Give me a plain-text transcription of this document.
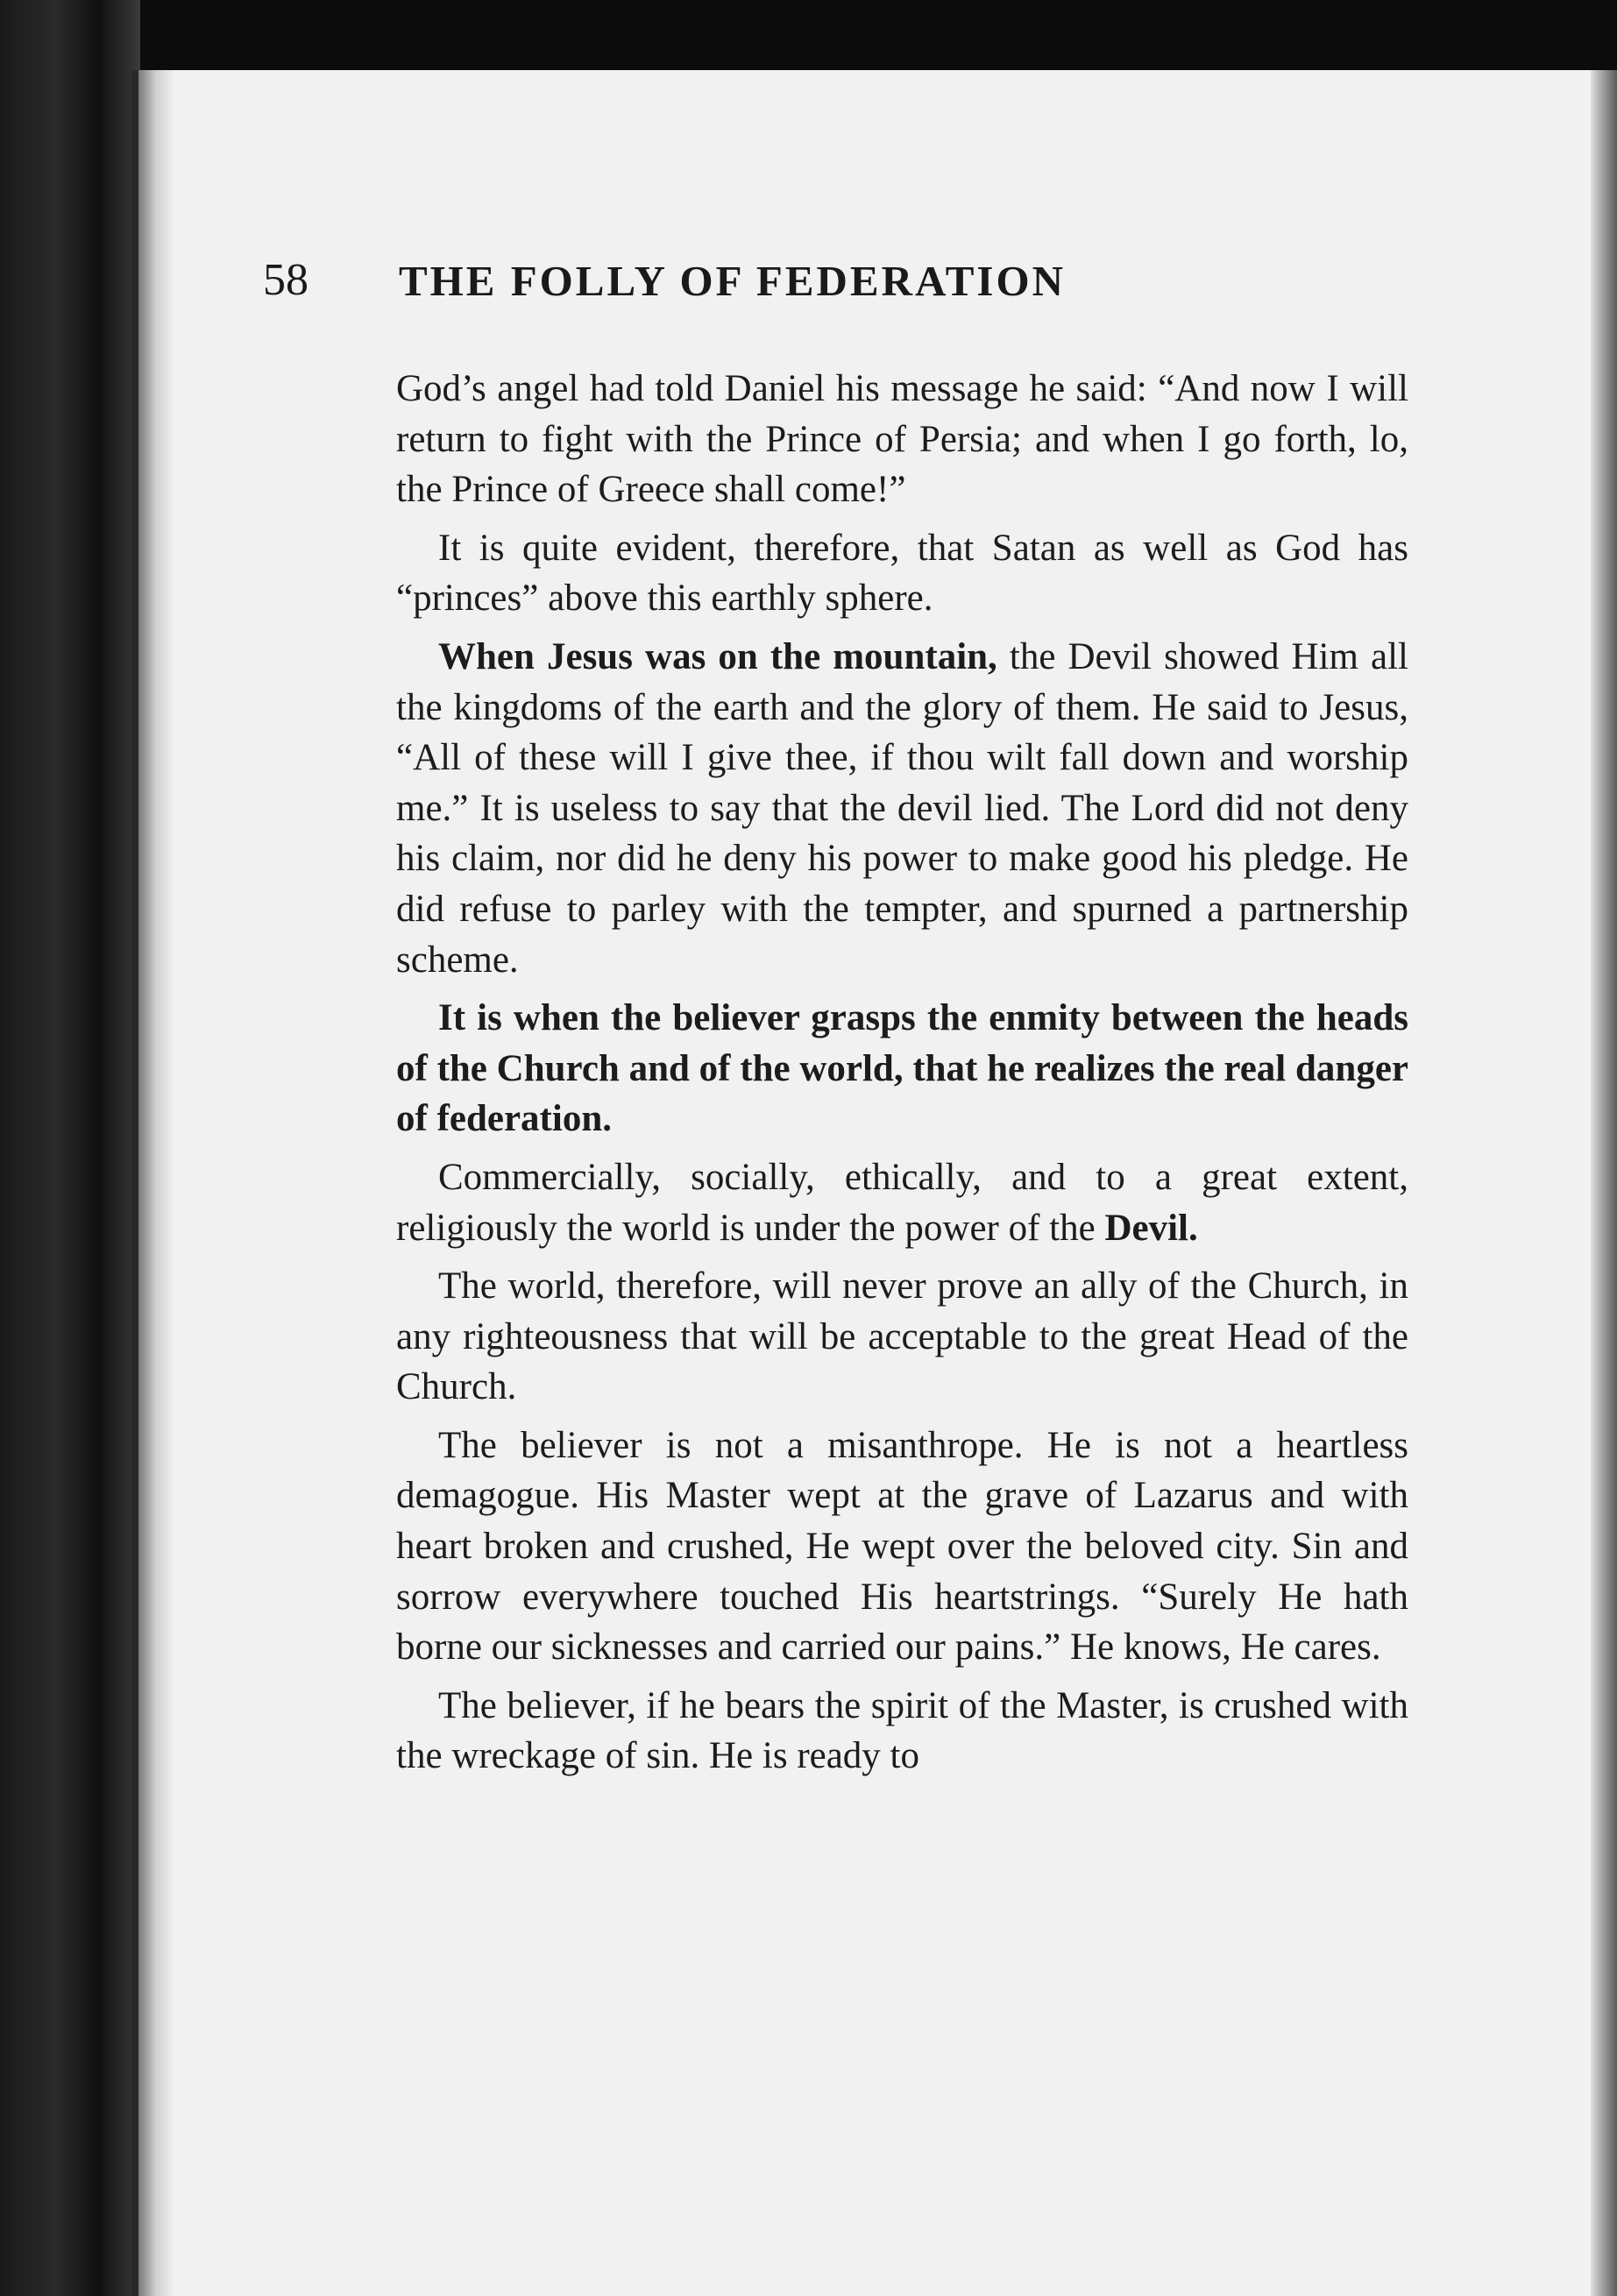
58 THE FOLLY OF FEDERATION

God’s angel had told Daniel his message he said: “And now I will return to fight with the Prince of Persia; and when I go forth, lo, the Prince of Greece shall come!”

It is quite evident, therefore, that Satan as well as God has “princes” above this earthly sphere.

When Jesus was on the mountain, the Devil showed Him all the kingdoms of the earth and the glory of them. He said to Jesus, “All of these will I give thee, if thou wilt fall down and worship me.” It is useless to say that the devil lied. The Lord did not deny his claim, nor did he deny his power to make good his pledge. He did refuse to parley with the tempter, and spurned a partnership scheme.

It is when the believer grasps the enmity between the heads of the Church and of the world, that he realizes the real danger of federation.

Commercially, socially, ethically, and to a great extent, religiously the world is under the power of the Devil.

The world, therefore, will never prove an ally of the Church, in any righteousness that will be acceptable to the great Head of the Church.

The believer is not a misanthrope. He is not a heartless demagogue. His Master wept at the grave of Lazarus and with heart broken and crushed, He wept over the beloved city. Sin and sorrow everywhere touched His heartstrings. “Surely He hath borne our sicknesses and carried our pains.” He knows, He cares.

The believer, if he bears the spirit of the Master, is crushed with the wreckage of sin. He is ready to
